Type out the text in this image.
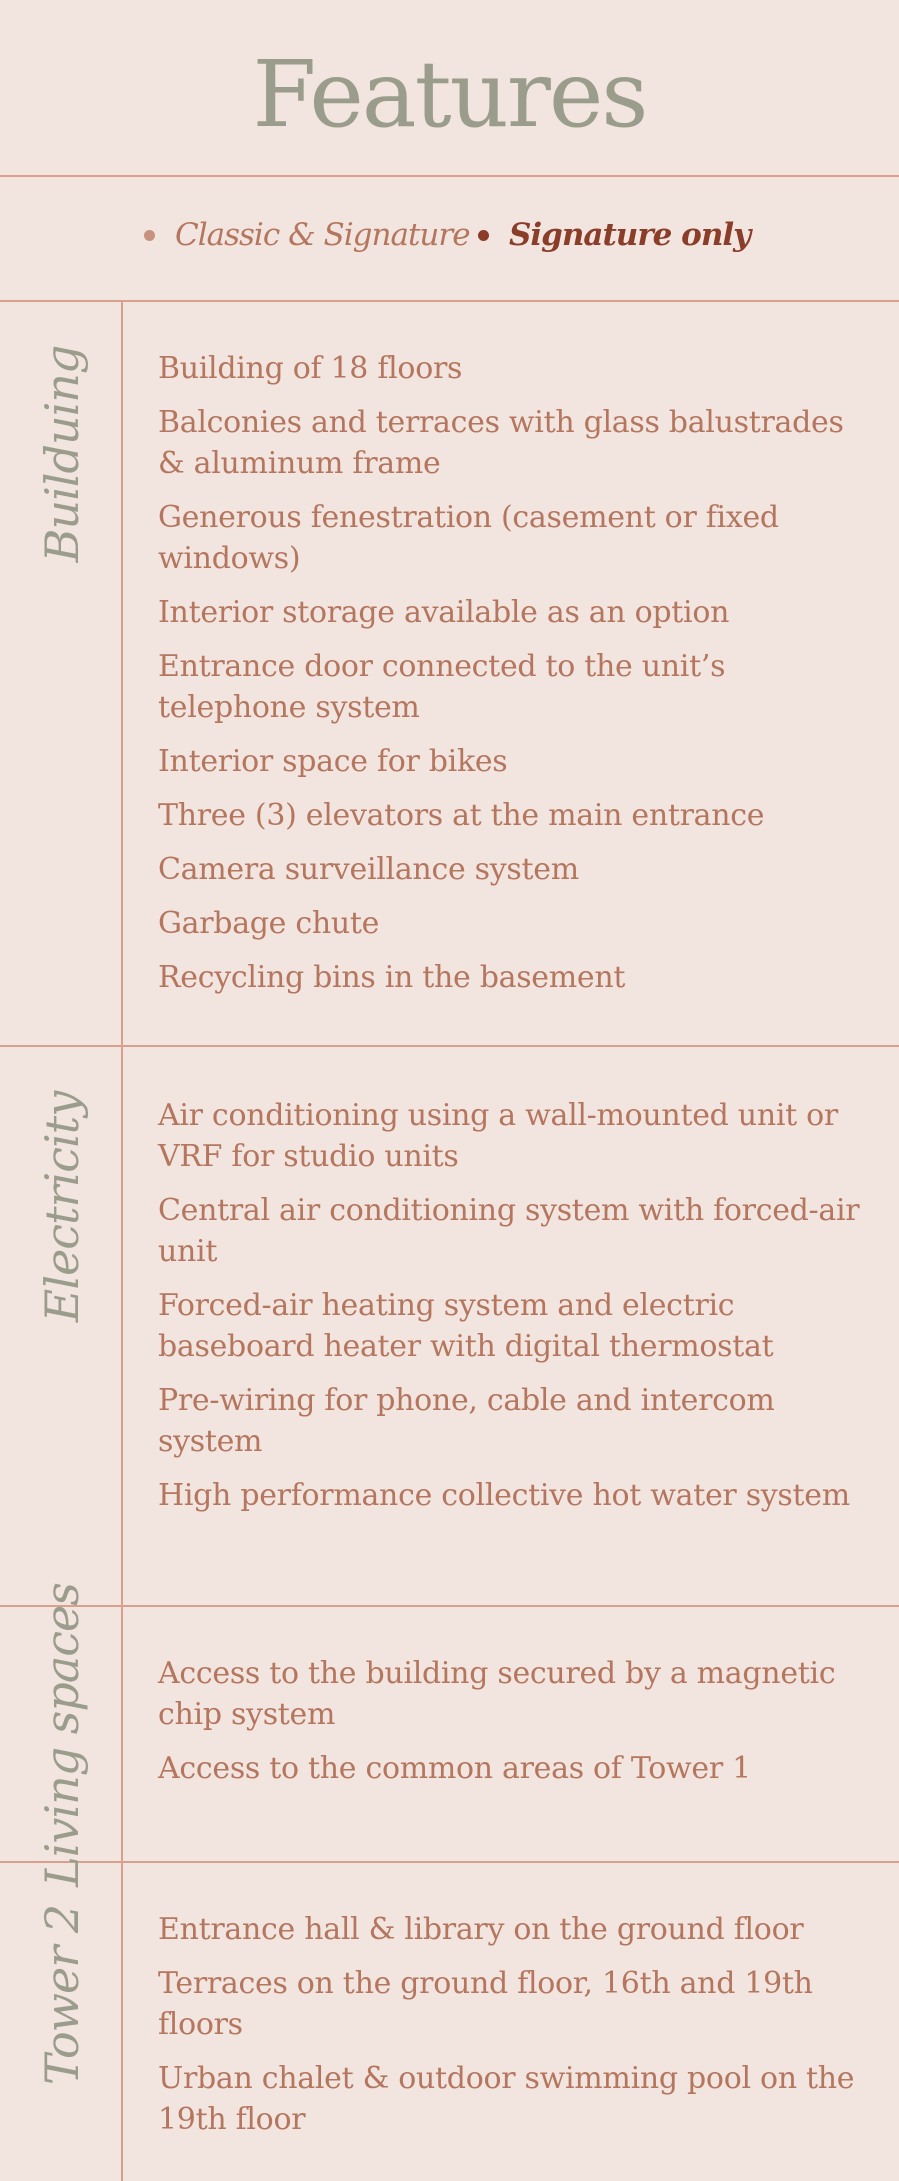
Features
Classic & Signature Signature only
Builduing Building of 18 floors
Balconies and terraces with glass balustrades & aluminum frame
Generous fenestration (casement or fixed windows)
Interior storage available as an option
Entrance door connected to the unit’s telephone system
Interior space for bikes
Three (3) elevators at the main entrance
Camera surveillance system
Garbage chute
Recycling bins in the basement
Electricity Air conditioning using a wall-mounted unit or VRF for studio units
Central air conditioning system with forced-air unit
Forced-air heating system and electric baseboard heater with digital thermostat
Pre-wiring for phone, cable and intercom system
High performance collective hot water system
Living spaces Access to the building secured by a magnetic chip system
Access to the common areas of Tower 1
Tower 2 Entrance hall & library on the ground floor
Terraces on the ground floor, 16th and 19th floors
Urban chalet & outdoor swimming pool on the 19th floor
